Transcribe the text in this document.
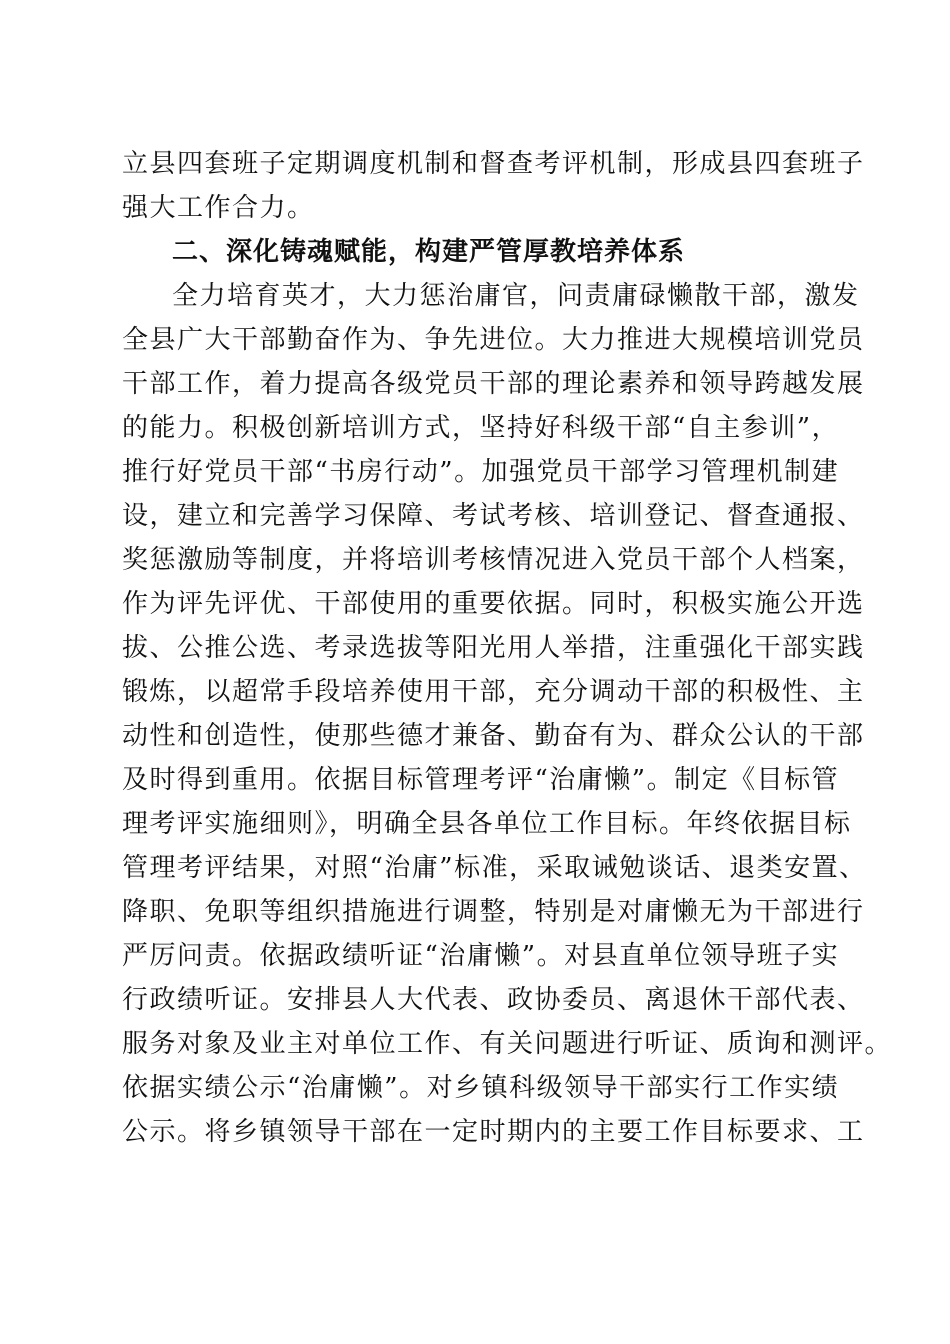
立县四套班子定期调度机制和督查考评机制，形成县四套班子
强大工作合力。
二、深化铸魂赋能，构建严管厚教培养体系
全力培育英才，大力惩治庸官，问责庸碌懒散干部，激发
全县广大干部勤奋作为、争先进位。大力推进大规模培训党员
干部工作，着力提高各级党员干部的理论素养和领导跨越发展
的能力。积极创新培训方式，坚持好科级干部“自主参训”，
推行好党员干部“书房行动”。加强党员干部学习管理机制建
设，建立和完善学习保障、考试考核、培训登记、督查通报、
奖惩激励等制度，并将培训考核情况进入党员干部个人档案，
作为评先评优、干部使用的重要依据。同时，积极实施公开选
拔、公推公选、考录选拔等阳光用人举措，注重强化干部实践
锻炼，以超常手段培养使用干部，充分调动干部的积极性、主
动性和创造性，使那些德才兼备、勤奋有为、群众公认的干部
及时得到重用。依据目标管理考评“治庸懒”。制定《目标管
理考评实施细则》，明确全县各单位工作目标。年终依据目标
管理考评结果，对照“治庸”标准，采取诫勉谈话、退类安置、
降职、免职等组织措施进行调整，特别是对庸懒无为干部进行
严厉问责。依据政绩听证“治庸懒”。对县直单位领导班子实
行政绩听证。安排县人大代表、政协委员、离退休干部代表、
服务对象及业主对单位工作、有关问题进行听证、质询和测评。
依据实绩公示“治庸懒”。对乡镇科级领导干部实行工作实绩
公示。将乡镇领导干部在一定时期内的主要工作目标要求、工
